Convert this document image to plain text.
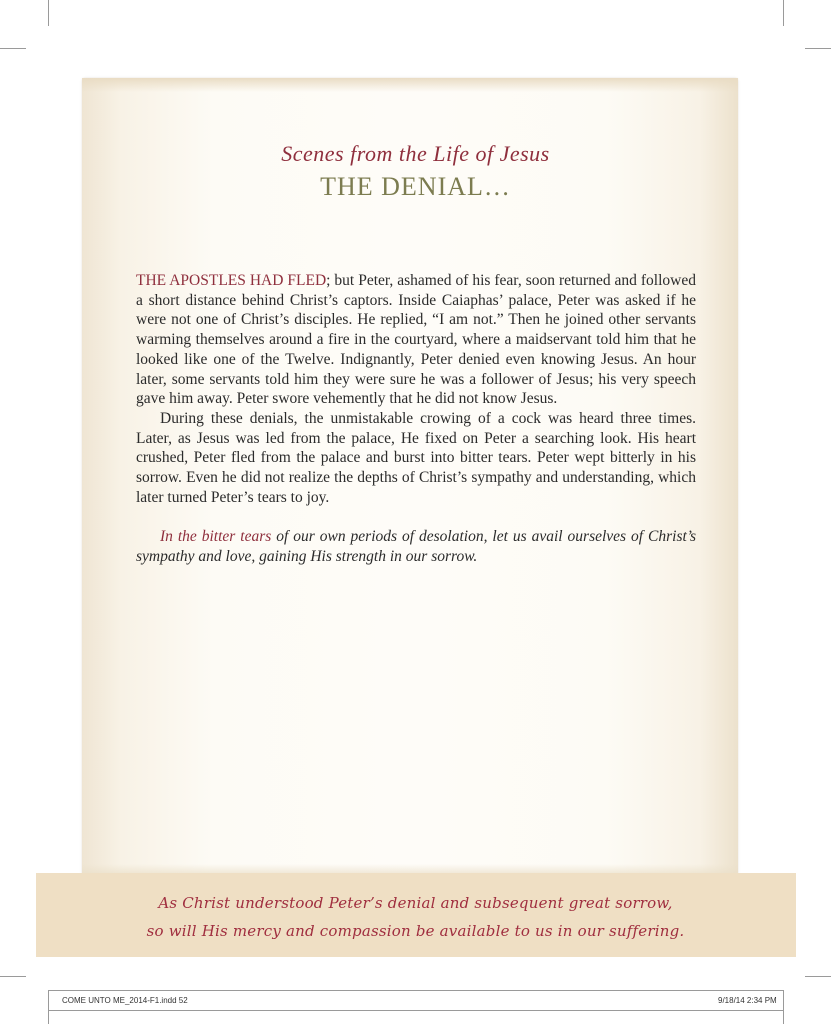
Scenes from the Life of Jesus
THE DENIAL…

THE APOSTLES HAD FLED; but Peter, ashamed of his fear, soon returned and followed a short distance behind Christ’s captors. Inside Caiaphas’ palace, Peter was asked if he were not one of Christ’s disciples. He replied, “I am not.” Then he joined other servants warming themselves around a fire in the courtyard, where a maidservant told him that he looked like one of the Twelve. Indignantly, Peter denied even knowing Jesus. An hour later, some servants told him they were sure he was a follower of Jesus; his very speech gave him away. Peter swore vehemently that he did not know Jesus.

During these denials, the unmistakable crowing of a cock was heard three times. Later, as Jesus was led from the palace, He fixed on Peter a searching look. His heart crushed, Peter fled from the palace and burst into bitter tears. Peter wept bitterly in his sorrow. Even he did not realize the depths of Christ’s sympathy and understanding, which later turned Peter’s tears to joy.

In the bitter tears of our own periods of desolation, let us avail ourselves of Christ’s sympathy and love, gaining His strength in our sorrow.

As Christ understood Peter’s denial and subsequent great sorrow,
so will His mercy and compassion be available to us in our suffering.
COME UNTO ME_2014-F1.indd 52	9/18/14 2:34 PM
